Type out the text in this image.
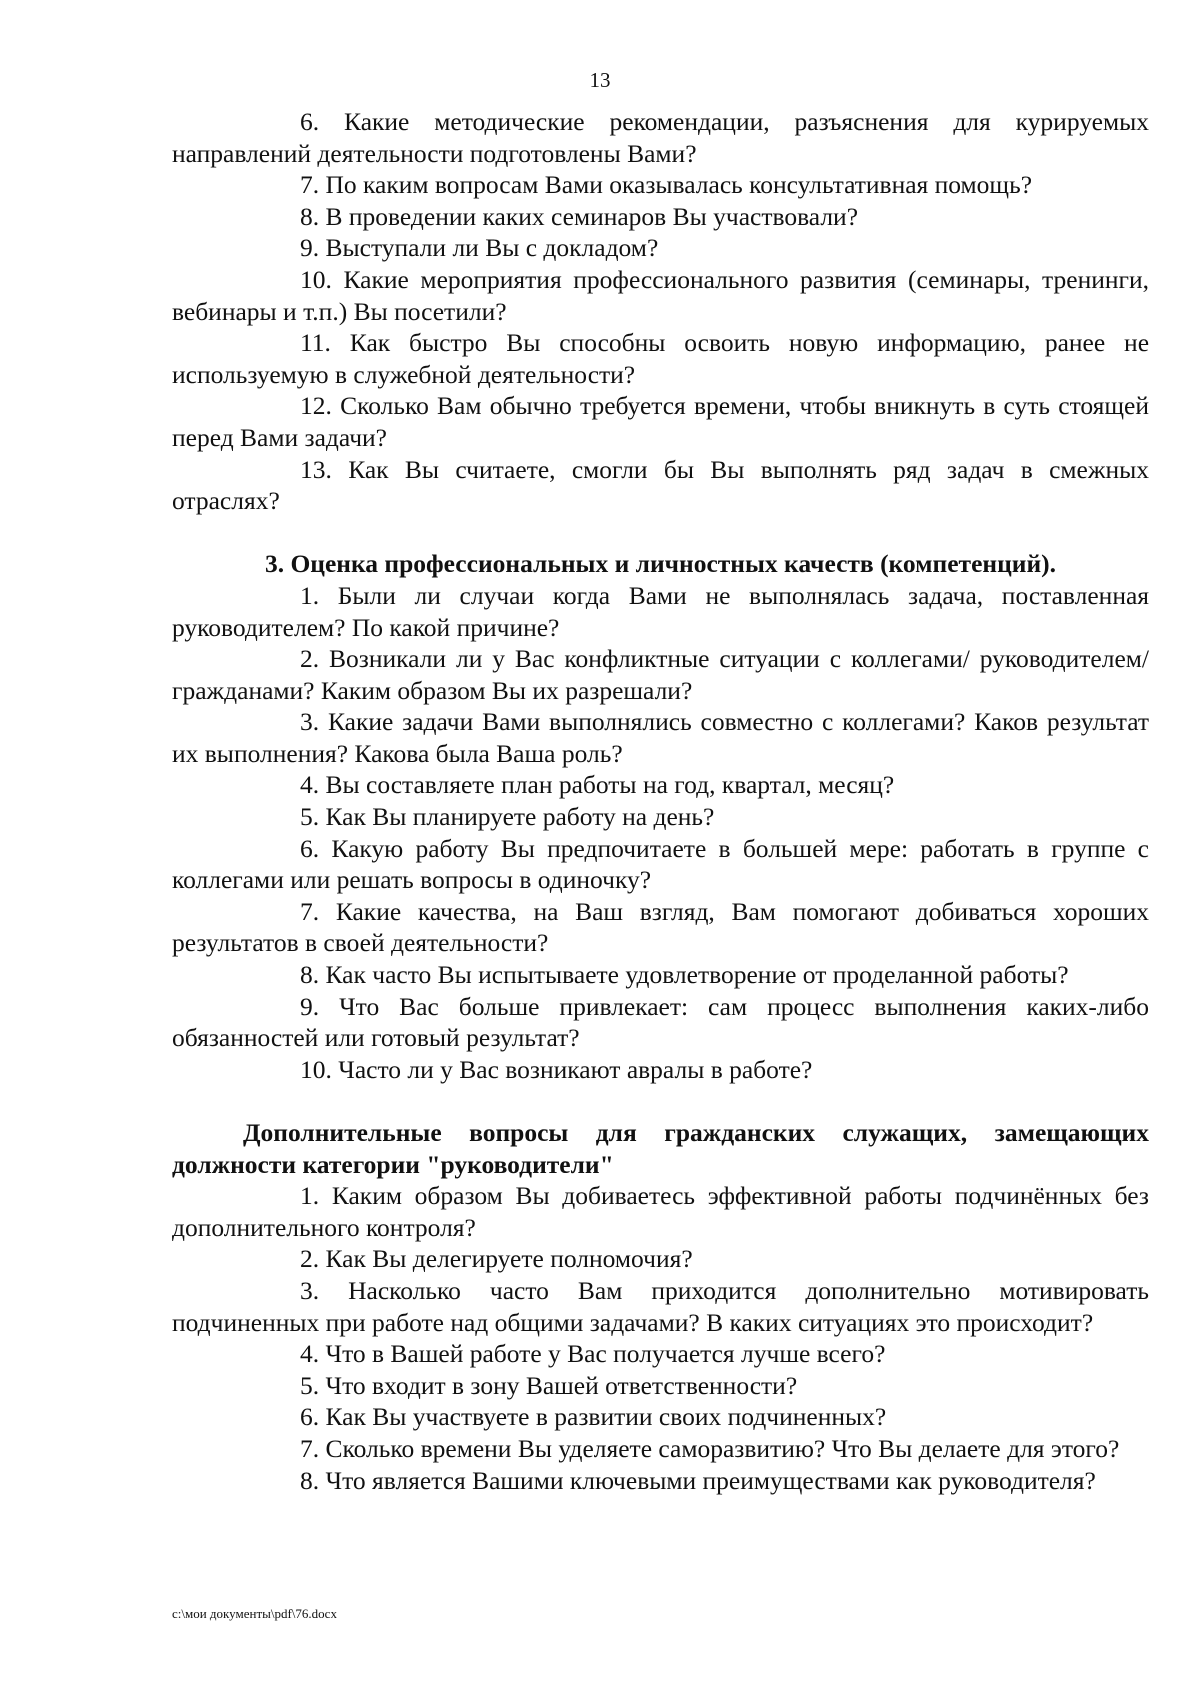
13

6. Какие методические рекомендации, разъяснения для курируемых направлений деятельности подготовлены Вами?

7. По каким вопросам Вами оказывалась консультативная помощь?

8. В проведении каких семинаров Вы участвовали?

9. Выступали ли Вы с докладом?

10. Какие мероприятия профессионального развития (семинары, тренинги, вебинары и т.п.) Вы посетили?

11. Как быстро Вы способны освоить новую информацию, ранее не используемую в служебной деятельности?

12. Сколько Вам обычно требуется времени, чтобы вникнуть в суть стоящей перед Вами задачи?

13. Как Вы считаете, смогли бы Вы выполнять ряд задач в смежных отраслях?

3. Оценка профессиональных и личностных качеств (компетенций).

1. Были ли случаи когда Вами не выполнялась задача, поставленная руководителем? По какой причине?

2. Возникали ли у Вас конфликтные ситуации с коллегами/ руководителем/гражданами? Каким образом Вы их разрешали?

3. Какие задачи Вами выполнялись совместно с коллегами? Каков результат их выполнения? Какова была Ваша роль?

4. Вы составляете план работы на год, квартал, месяц?

5. Как Вы планируете работу на день?

6. Какую работу Вы предпочитаете в большей мере: работать в группе с коллегами или решать вопросы в одиночку?

7. Какие качества, на Ваш взгляд, Вам помогают добиваться хороших результатов в своей деятельности?

8. Как часто Вы испытываете удовлетворение от проделанной работы?

9. Что Вас больше привлекает: сам процесс выполнения каких-либо обязанностей или готовый результат?

10. Часто ли у Вас возникают авралы в работе?

Дополнительные вопросы для гражданских служащих, замещающих должности категории "руководители"

1. Каким образом Вы добиваетесь эффективной работы подчинённых без дополнительного контроля?

2. Как Вы делегируете полномочия?

3. Насколько часто Вам приходится дополнительно мотивировать подчиненных при работе над общими задачами? В каких ситуациях это происходит?

4. Что в Вашей работе у Вас получается лучше всего?

5. Что входит в зону Вашей ответственности?

6. Как Вы участвуете в развитии своих подчиненных?

7. Сколько времени Вы уделяете саморазвитию? Что Вы делаете для этого?

8. Что является Вашими ключевыми преимуществами как руководителя?

c:\мои документы\pdf\76.docx
